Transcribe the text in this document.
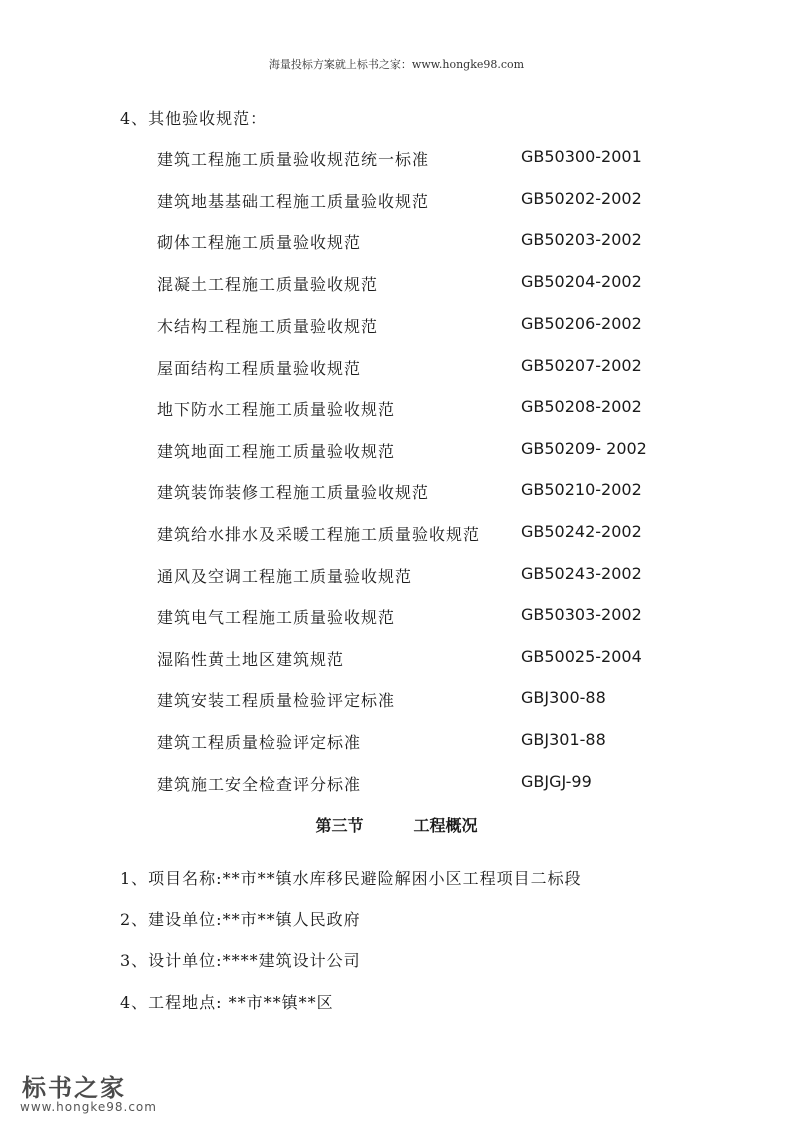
海量投标方案就上标书之家：www.hongke98.com
4、其他验收规范：
建筑工程施工质量验收规范统一标准	GB50300-2001
建筑地基基础工程施工质量验收规范	GB50202-2002
砌体工程施工质量验收规范	GB50203-2002
混凝土工程施工质量验收规范	GB50204-2002
木结构工程施工质量验收规范	GB50206-2002
屋面结构工程质量验收规范	GB50207-2002
地下防水工程施工质量验收规范	GB50208-2002
建筑地面工程施工质量验收规范	GB50209- 2002
建筑装饰装修工程施工质量验收规范	GB50210-2002
建筑给水排水及采暖工程施工质量验收规范	GB50242-2002
通风及空调工程施工质量验收规范	GB50243-2002
建筑电气工程施工质量验收规范	GB50303-2002
湿陷性黄土地区建筑规范	GB50025-2004
建筑安装工程质量检验评定标准	GBJ300-88
建筑工程质量检验评定标准	GBJ301-88
建筑施工安全检查评分标准	GBJGJ-99
第三节	工程概况
1、项目名称:**市**镇水库移民避险解困小区工程项目二标段
2、建设单位:**市**镇人民政府
3、设计单位:****建筑设计公司
4、工程地点: **市**镇**区
标书之家
www.hongke98.com
